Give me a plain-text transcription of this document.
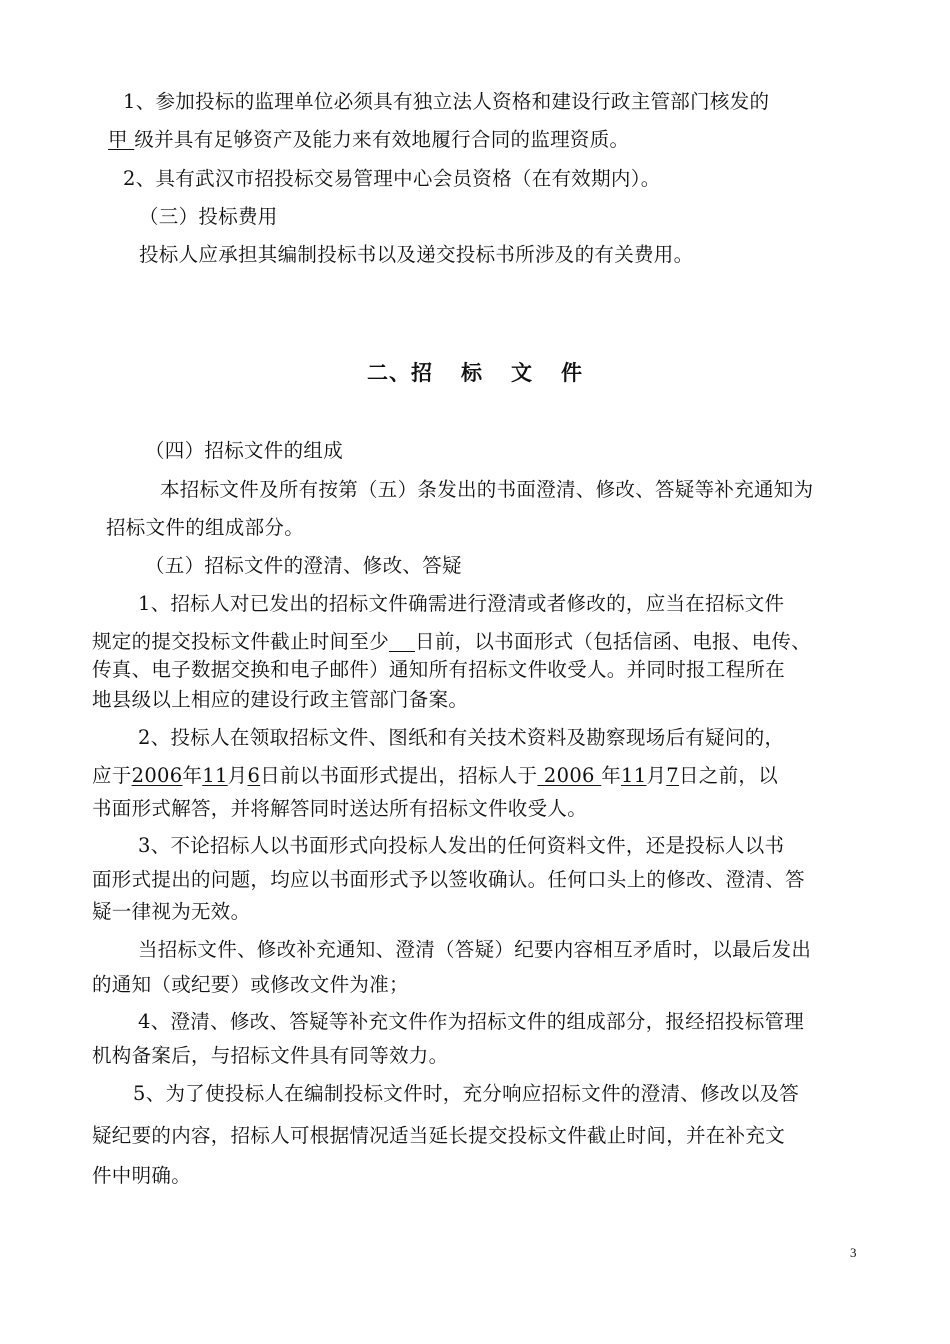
1、参加投标的监理单位必须具有独立法人资格和建设行政主管部门核发的
甲 级并具有足够资产及能力来有效地履行合同的监理资质。
2、具有武汉市招投标交易管理中心会员资格（在有效期内）。
（三）投标费用
投标人应承担其编制投标书以及递交投标书所涉及的有关费用。
二、招 标 文 件
（四）招标文件的组成
本招标文件及所有按第（五）条发出的书面澄清、修改、答疑等补充通知为
招标文件的组成部分。
（五）招标文件的澄清、修改、答疑
1、招标人对已发出的招标文件确需进行澄清或者修改的，应当在招标文件
规定的提交投标文件截止时间至少 日前，以书面形式（包括信函、电报、电传、
传真、电子数据交换和电子邮件）通知所有招标文件收受人。并同时报工程所在
地县级以上相应的建设行政主管部门备案。
2、投标人在领取招标文件、图纸和有关技术资料及勘察现场后有疑问的，
应于2006年11月6日前以书面形式提出，招标人于 2006 年11月7日之前，以
书面形式解答，并将解答同时送达所有招标文件收受人。
3、不论招标人以书面形式向投标人发出的任何资料文件，还是投标人以书
面形式提出的问题，均应以书面形式予以签收确认。任何口头上的修改、澄清、答
疑一律视为无效。
当招标文件、修改补充通知、澄清（答疑）纪要内容相互矛盾时，以最后发出
的通知（或纪要）或修改文件为准；
4、澄清、修改、答疑等补充文件作为招标文件的组成部分，报经招投标管理
机构备案后，与招标文件具有同等效力。
5、为了使投标人在编制投标文件时，充分响应招标文件的澄清、修改以及答
疑纪要的内容，招标人可根据情况适当延长提交投标文件截止时间，并在补充文
件中明确。
3
